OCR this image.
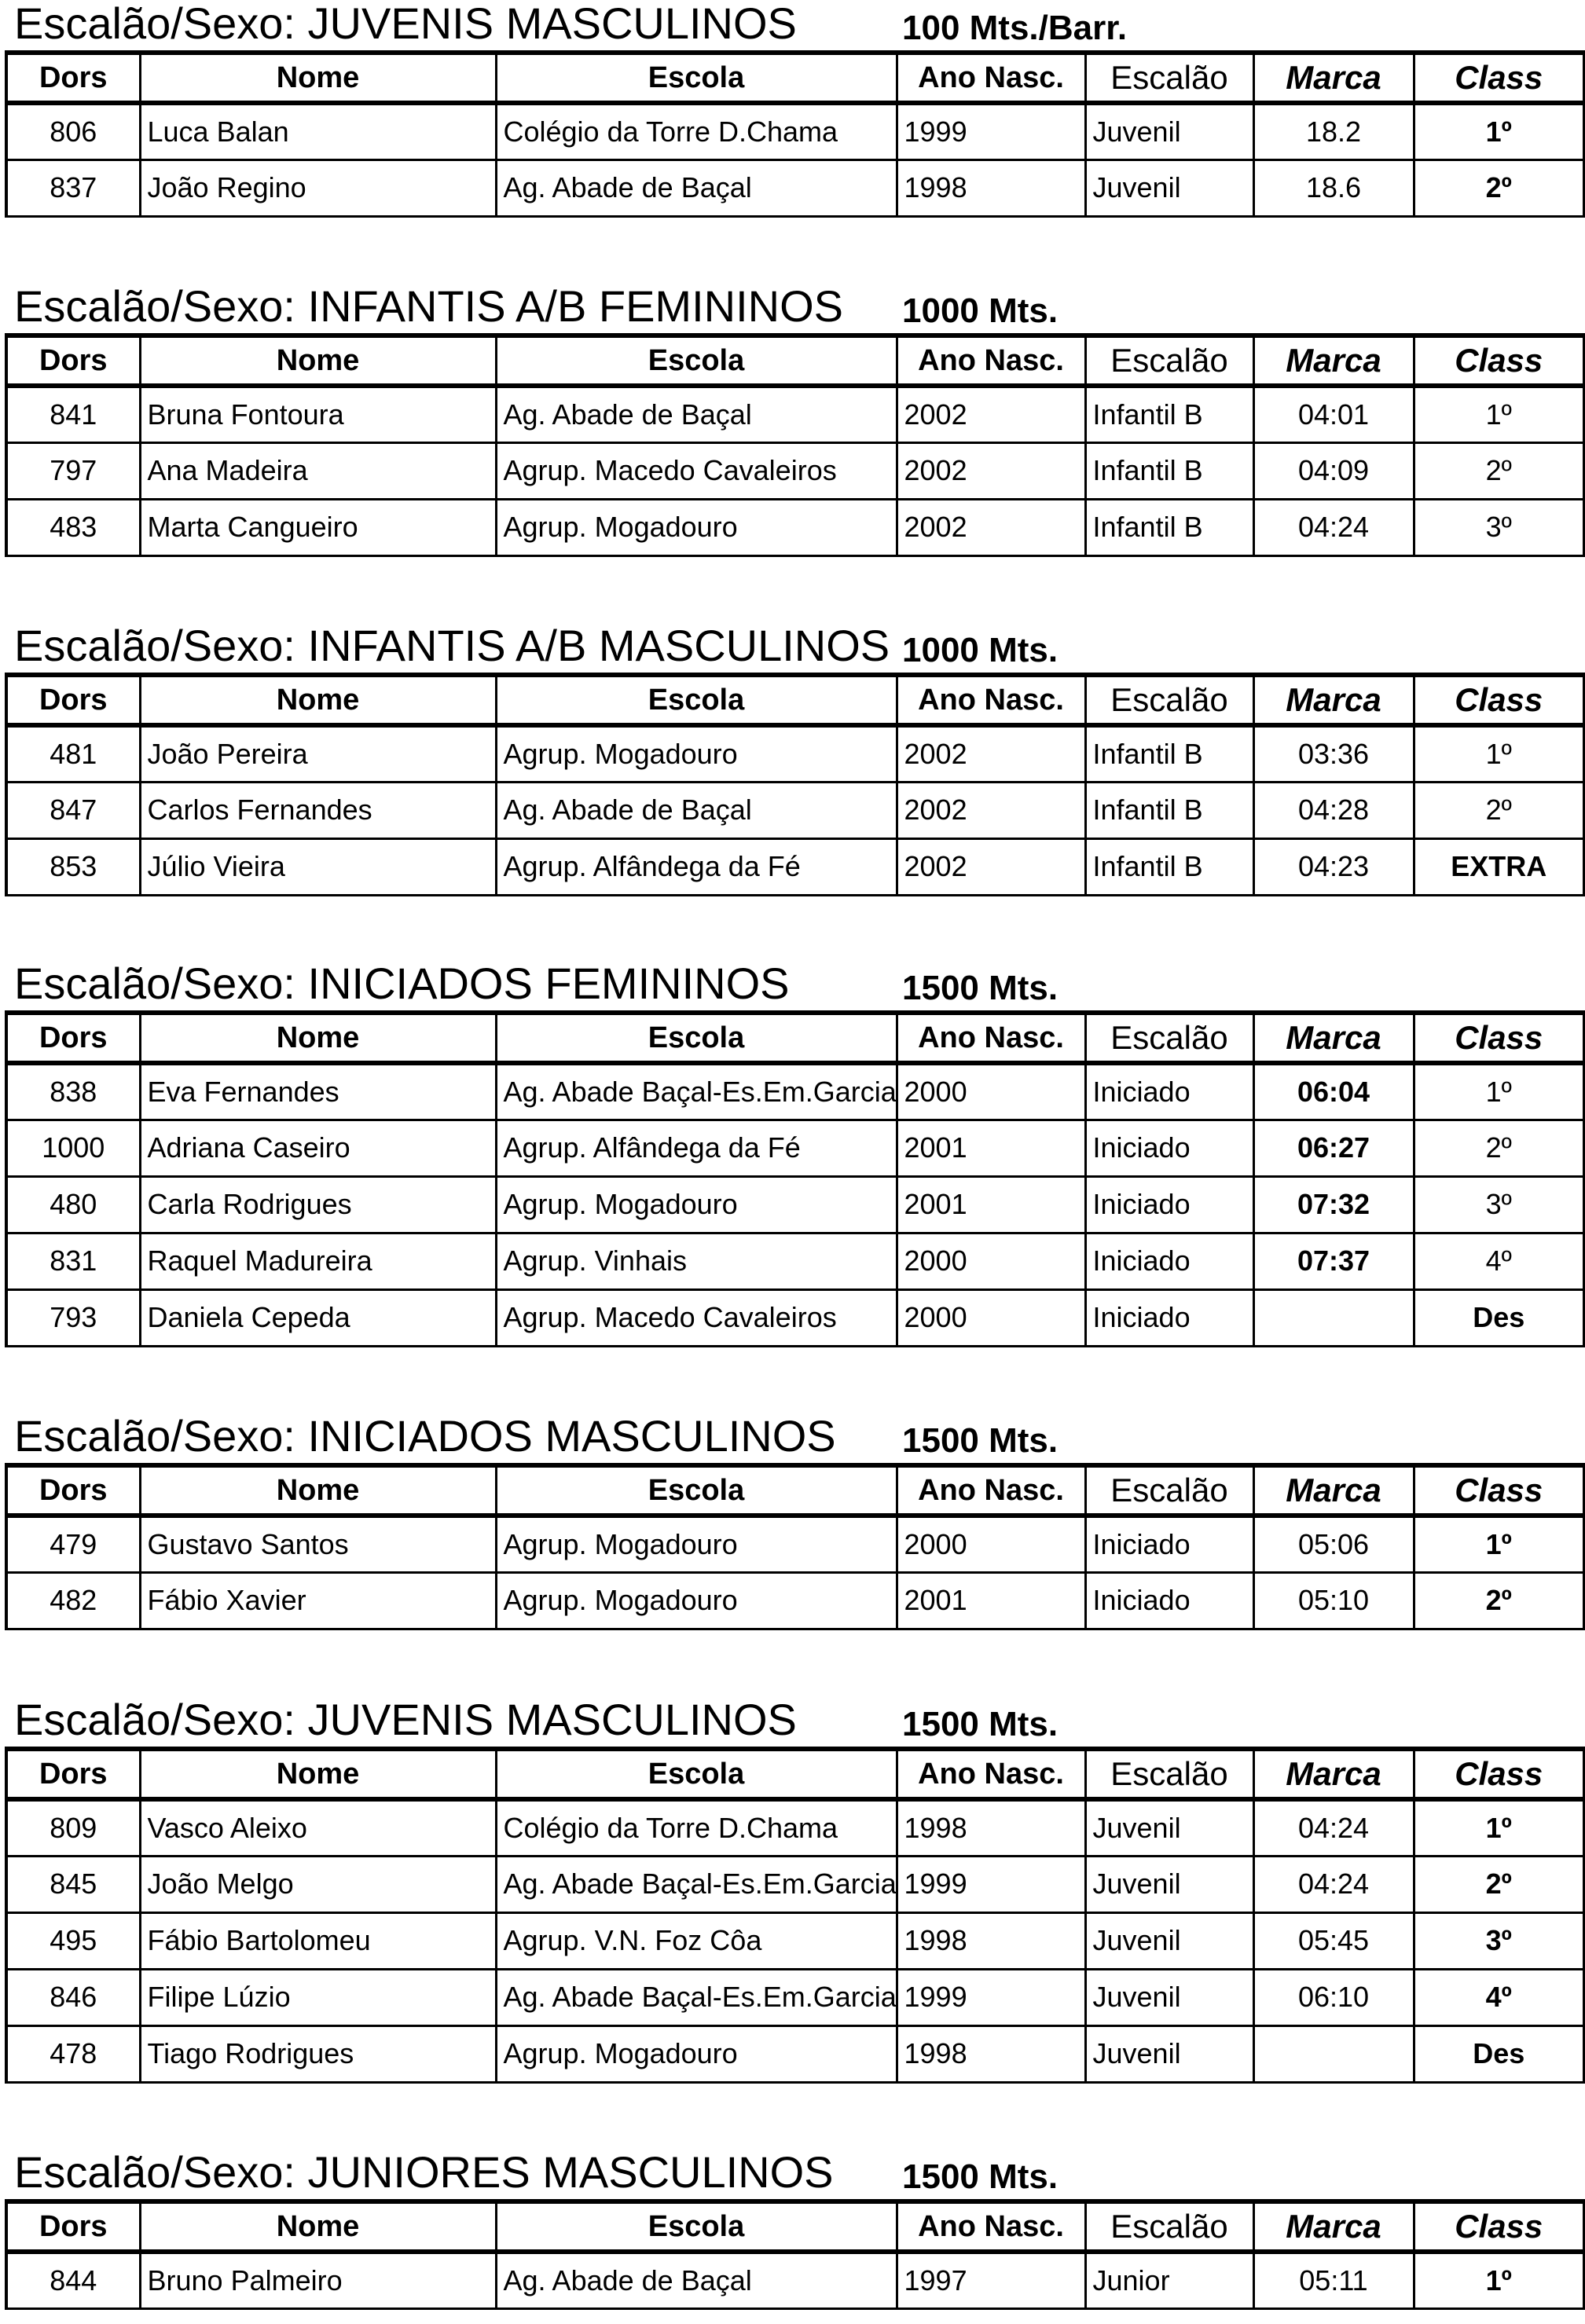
Escalão/Sexo: JUVENIS MASCULINOS	100 Mts./Barr.
Dors	Nome	Escola	Ano Nasc.	Escalão	Marca	Class
806	Luca Balan	Colégio da Torre D.Chama	1999	Juvenil	18.2	1º
837	João Regino	Ag. Abade de Baçal	1998	Juvenil	18.6	2º
Escalão/Sexo: INFANTIS A/B FEMININOS	1000 Mts.
Dors	Nome	Escola	Ano Nasc.	Escalão	Marca	Class
841	Bruna Fontoura	Ag. Abade de Baçal	2002	Infantil B	04:01	1º
797	Ana Madeira	Agrup. Macedo Cavaleiros	2002	Infantil B	04:09	2º
483	Marta Cangueiro	Agrup. Mogadouro	2002	Infantil B	04:24	3º
Escalão/Sexo: INFANTIS A/B MASCULINOS 1000 Mts.
Dors	Nome	Escola	Ano Nasc.	Escalão	Marca	Class
481	João Pereira	Agrup. Mogadouro	2002	Infantil B	03:36	1º
847	Carlos Fernandes	Ag. Abade de Baçal	2002	Infantil B	04:28	2º
853	Júlio Vieira	Agrup. Alfândega da Fé	2002	Infantil B	04:23	EXTRA
Escalão/Sexo: INICIADOS FEMININOS	1500 Mts.
Dors	Nome	Escola	Ano Nasc.	Escalão	Marca	Class
838	Eva Fernandes	Ag. Abade Baçal-Es.Em.Garcia	2000	Iniciado	06:04	1º
1000	Adriana Caseiro	Agrup. Alfândega da Fé	2001	Iniciado	06:27	2º
480	Carla Rodrigues	Agrup. Mogadouro	2001	Iniciado	07:32	3º
831	Raquel Madureira	Agrup. Vinhais	2000	Iniciado	07:37	4º
793	Daniela Cepeda	Agrup. Macedo Cavaleiros	2000	Iniciado		Des
Escalão/Sexo: INICIADOS MASCULINOS	1500 Mts.
Dors	Nome	Escola	Ano Nasc.	Escalão	Marca	Class
479	Gustavo Santos	Agrup. Mogadouro	2000	Iniciado	05:06	1º
482	Fábio Xavier	Agrup. Mogadouro	2001	Iniciado	05:10	2º
Escalão/Sexo: JUVENIS MASCULINOS	1500 Mts.
Dors	Nome	Escola	Ano Nasc.	Escalão	Marca	Class
809	Vasco Aleixo	Colégio da Torre D.Chama	1998	Juvenil	04:24	1º
845	João Melgo	Ag. Abade Baçal-Es.Em.Garcia	1999	Juvenil	04:24	2º
495	Fábio Bartolomeu	Agrup. V.N. Foz Côa	1998	Juvenil	05:45	3º
846	Filipe Lúzio	Ag. Abade Baçal-Es.Em.Garcia	1999	Juvenil	06:10	4º
478	Tiago Rodrigues	Agrup. Mogadouro	1998	Juvenil		Des
Escalão/Sexo: JUNIORES MASCULINOS	1500 Mts.
Dors	Nome	Escola	Ano Nasc.	Escalão	Marca	Class
844	Bruno Palmeiro	Ag. Abade de Baçal	1997	Junior	05:11	1º
